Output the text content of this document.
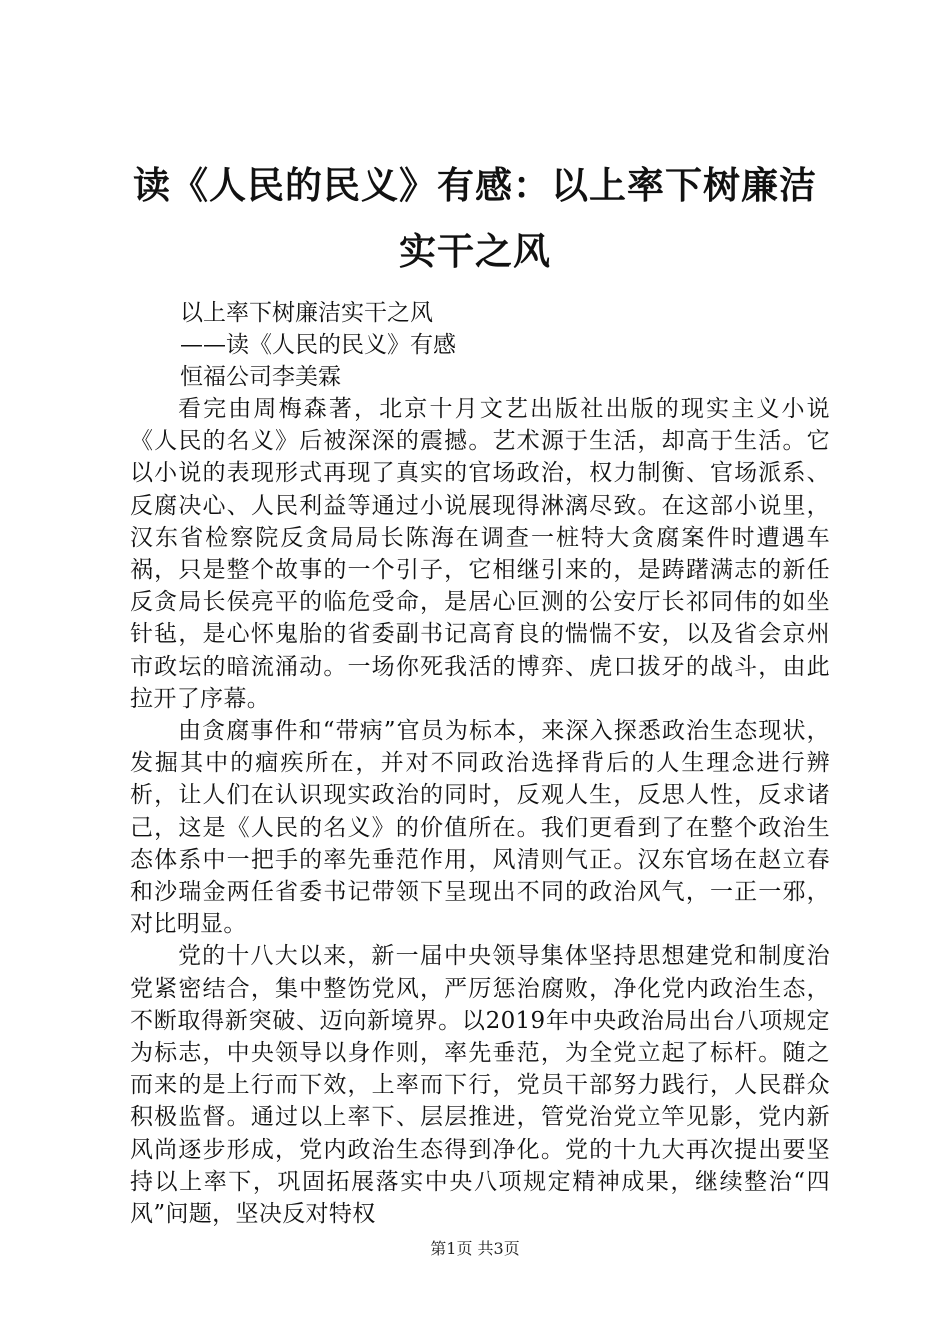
读《人民的民义》有感：以上率下树廉洁实干之风
以上率下树廉洁实干之风
——读《人民的民义》有感
恒福公司李美霖

看完由周梅森著，北京十月文艺出版社出版的现实主义小说《人民的名义》后被深深的震撼。艺术源于生活，却高于生活。它以小说的表现形式再现了真实的官场政治，权力制衡、官场派系、反腐决心、人民利益等通过小说展现得淋漓尽致。在这部小说里，汉东省检察院反贪局局长陈海在调查一桩特大贪腐案件时遭遇车祸，只是整个故事的一个引子，它相继引来的，是踌躇满志的新任反贪局长侯亮平的临危受命，是居心叵测的公安厅长祁同伟的如坐针毡，是心怀鬼胎的省委副书记高育良的惴惴不安，以及省会京州市政坛的暗流涌动。一场你死我活的博弈、虎口拔牙的战斗，由此拉开了序幕。

由贪腐事件和“带病”官员为标本，来深入探悉政治生态现状，发掘其中的痼疾所在，并对不同政治选择背后的人生理念进行辨析，让人们在认识现实政治的同时，反观人生，反思人性，反求诸己，这是《人民的名义》的价值所在。我们更看到了在整个政治生态体系中一把手的率先垂范作用，风清则气正。汉东官场在赵立春和沙瑞金两任省委书记带领下呈现出不同的政治风气，一正一邪，对比明显。

党的十八大以来，新一届中央领导集体坚持思想建党和制度治党紧密结合，集中整饬党风，严厉惩治腐败，净化党内政治生态，不断取得新突破、迈向新境界。以2019年中央政治局出台八项规定为标志，中央领导以身作则，率先垂范，为全党立起了标杆。随之而来的是上行而下效，上率而下行，党员干部努力践行，人民群众积极监督。通过以上率下、层层推进，管党治党立竿见影，党内新风尚逐步形成，党内政治生态得到净化。党的十九大再次提出要坚持以上率下，巩固拓展落实中央八项规定精神成果，继续整治“四风”问题，坚决反对特权

第1页 共3页
